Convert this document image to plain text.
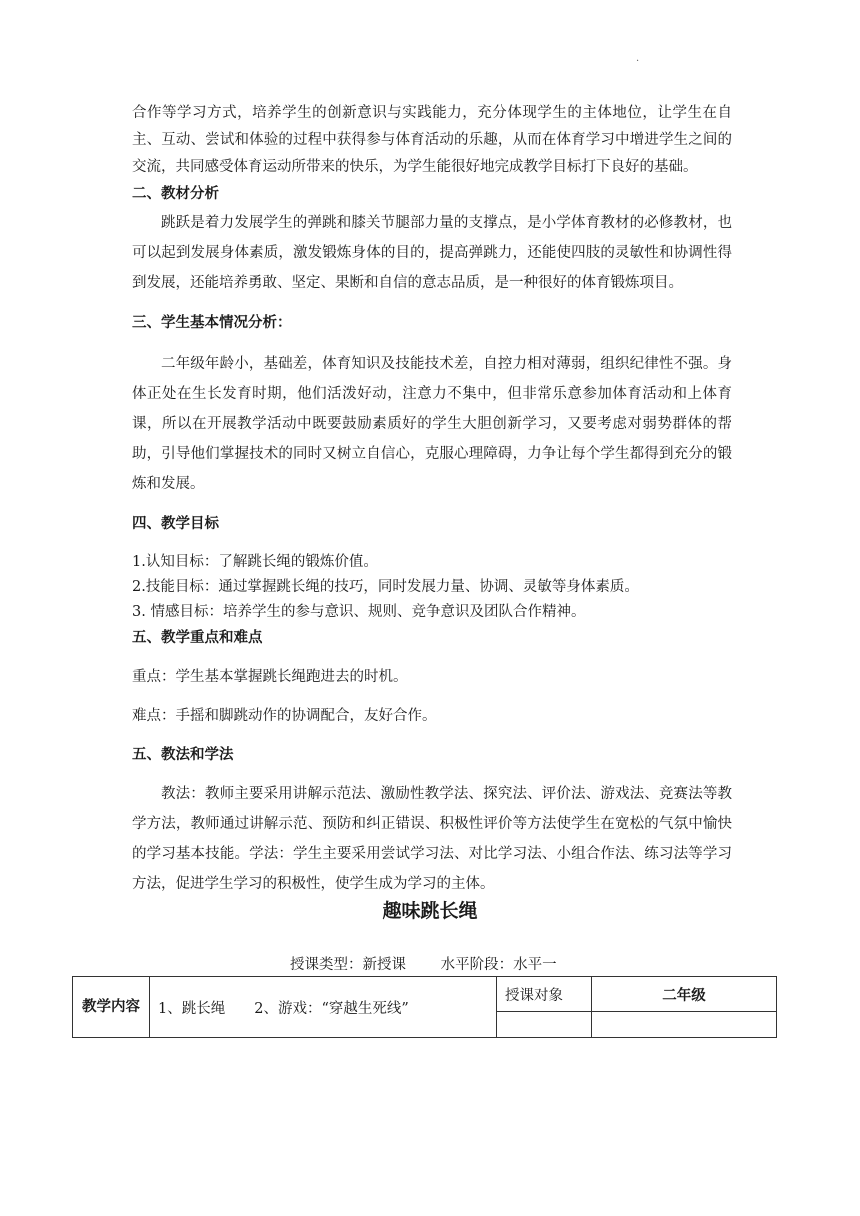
·

合作等学习方式，培养学生的创新意识与实践能力，充分体现学生的主体地位，让学生在自主、互动、尝试和体验的过程中获得参与体育活动的乐趣，从而在体育学习中增进学生之间的交流，共同感受体育运动所带来的快乐，为学生能很好地完成教学目标打下良好的基础。

二、教材分析

跳跃是着力发展学生的弹跳和膝关节腿部力量的支撑点，是小学体育教材的必修教材，也可以起到发展身体素质，激发锻炼身体的目的，提高弹跳力，还能使四肢的灵敏性和协调性得到发展，还能培养勇敢、坚定、果断和自信的意志品质，是一种很好的体育锻炼项目。

三、学生基本情况分析：

二年级年龄小，基础差，体育知识及技能技术差，自控力相对薄弱，组织纪律性不强。身体正处在生长发育时期，他们活泼好动，注意力不集中，但非常乐意参加体育活动和上体育课，所以在开展教学活动中既要鼓励素质好的学生大胆创新学习，又要考虑对弱势群体的帮助，引导他们掌握技术的同时又树立自信心，克服心理障碍，力争让每个学生都得到充分的锻炼和发展。

四、教学目标

1.认知目标：了解跳长绳的锻炼价值。

2.技能目标：通过掌握跳长绳的技巧，同时发展力量、协调、灵敏等身体素质。

3. 情感目标：培养学生的参与意识、规则、竞争意识及团队合作精神。

五、教学重点和难点

重点：学生基本掌握跳长绳跑进去的时机。

难点：手摇和脚跳动作的协调配合，友好合作。

五、教法和学法

教法：教师主要采用讲解示范法、激励性教学法、探究法、评价法、游戏法、竞赛法等教学方法，教师通过讲解示范、预防和纠正错误、积极性评价等方法使学生在宽松的气氛中愉快的学习基本技能。学法：学生主要采用尝试学习法、对比学习法、小组合作法、练习法等学习方法，促进学生学习的积极性，使学生成为学习的主体。

趣味跳长绳
授课类型：新授课 水平阶段：水平一
教学内容	1、跳长绳　　2、游戏：“穿越生死线”	授课对象	二年级
